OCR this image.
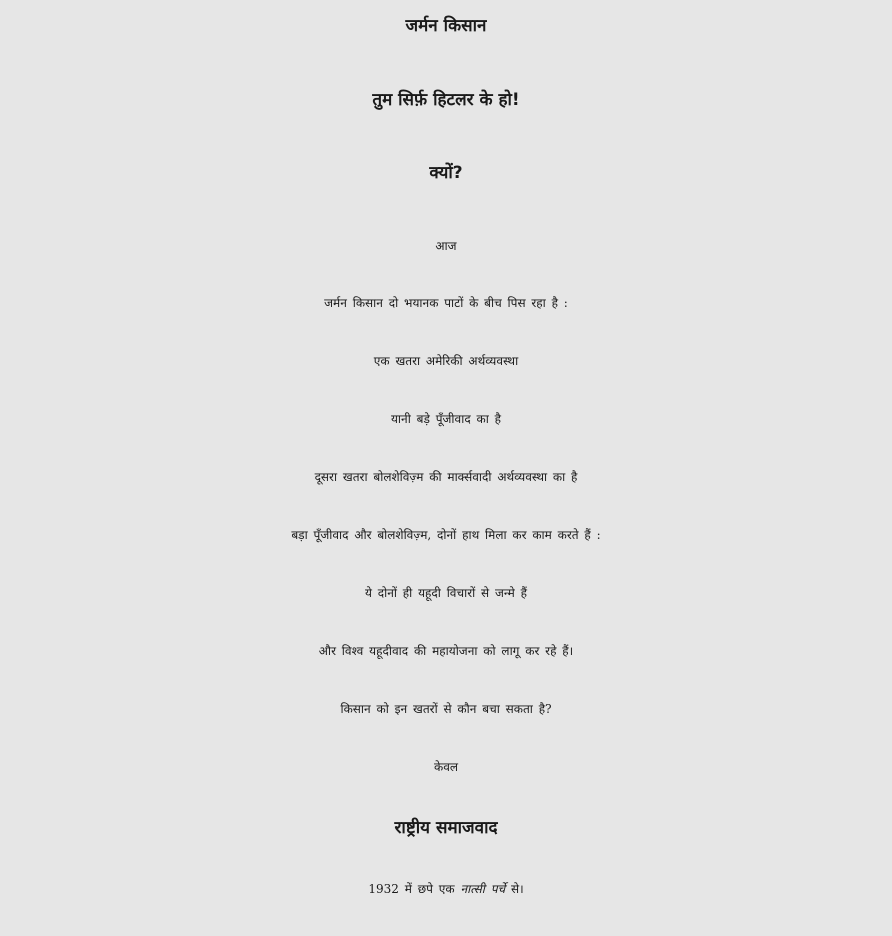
जर्मन किसान
तुम सिर्फ़ हिटलर के हो!
क्यों?
आज
जर्मन किसान दो भयानक पाटों के बीच पिस रहा है :
एक खतरा अमेरिकी अर्थव्यवस्था
यानी बड़े पूँजीवाद का है
दूसरा खतरा बोलशेविज़्म की मार्क्सवादी अर्थव्यवस्था का है
बड़ा पूँजीवाद और बोलशेविज़्म, दोनों हाथ मिला कर काम करते हैं :
ये दोनों ही यहूदी विचारों से जन्मे हैं
और विश्व यहूदीवाद की महायोजना को लागू कर रहे हैं।
किसान को इन खतरों से कौन बचा सकता है?
केवल
राष्ट्रीय समाजवाद
1932 में छपे एक नात्सी पर्चे से।
